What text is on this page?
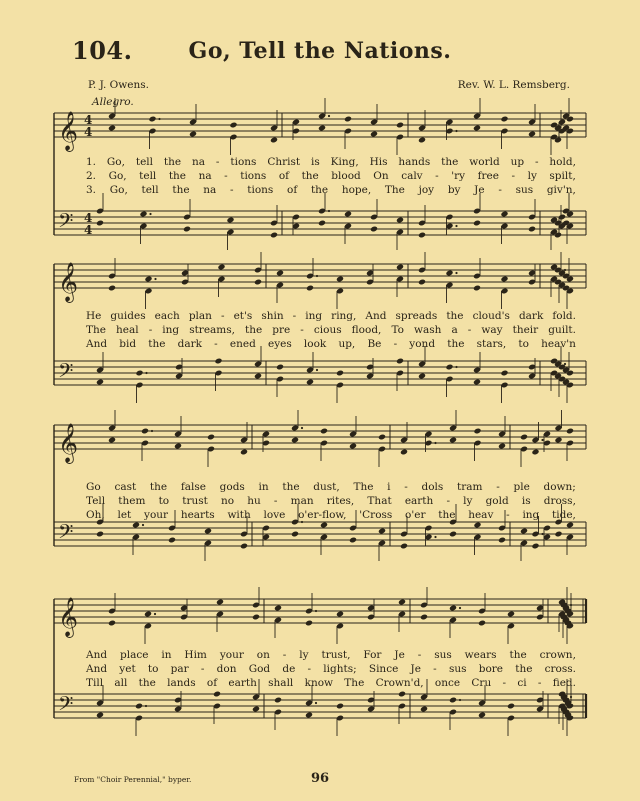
𝄞
𝄢
4
4
4
4
𝄞
𝄢
𝄞
𝄢
𝄞
𝄢
104.	Go, Tell the Nations.
P. J. Owens.	Rev. W. L. Remsberg.
Allegro.
1. Go, tell the na - tions Christ is King, His hands the world up - hold,
2. Go, tell the na - tions of the blood On calv - 'ry free - ly spilt,
3. Go, tell the na - tions of the hope, The joy by Je - sus giv'n,
He guides each plan - et's shin - ing ring, And spreads the cloud's dark fold.
The heal - ing streams, the pre - cious flood, To wash a - way their guilt.
And bid the dark - ened eyes look up, Be - yond the stars, to heav'n
Go cast the false gods in the dust, The i - dols tram - ple down;
Tell them to trust no hu - man rites, That earth - ly gold is dross,
Oh, let your hearts with love o'er-flow, 'Cross o'er the heav - ing tide,
And place in Him your on - ly trust, For Je - sus wears the crown,
And yet to par - don God de - lights; Since Je - sus bore the cross.
Till all the lands of earth shall know The Crown'd, once Cru - ci - fied.
From "Choir Perennial," byper.	96
